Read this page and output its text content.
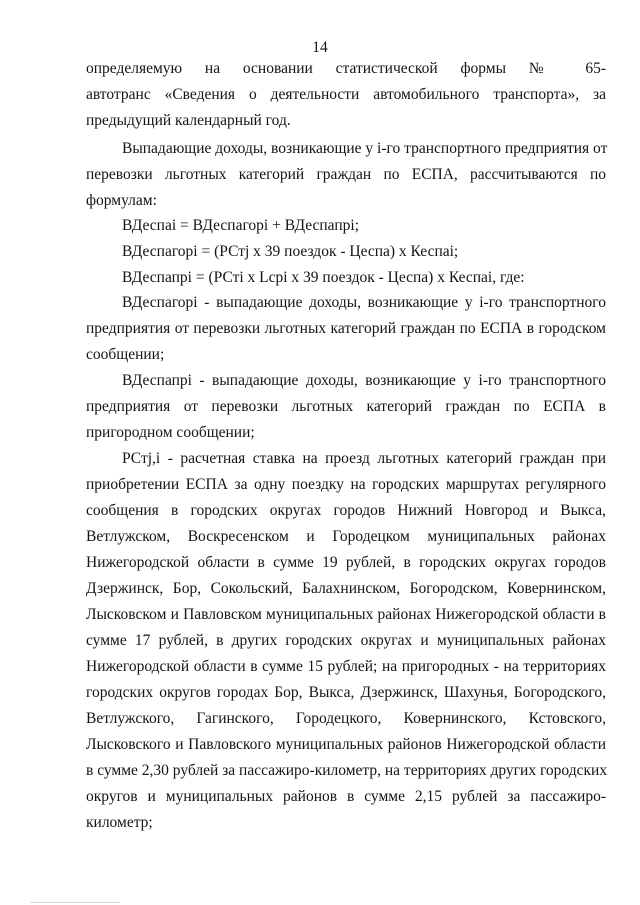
14
определяемую на основании статистической формы № 65-
автотранс «Сведения о деятельности автомобильного транспорта», за
предыдущий календарный год.
Выпадающие доходы, возникающие у i-го транспортного предприятия от
перевозки льготных категорий граждан по ЕСПА, рассчитываются по
формулам:
ВДеспаi = ВДеспагорi + ВДеспапрi;
ВДеспагорi = (РСтj х 39 поездок - Цеспа) х Кеспаi;
ВДеспапрi = (РСтi х Lсрi х 39 поездок - Цеспа) х Кеспаi, где:
ВДеспагорi - выпадающие доходы, возникающие у i-го транспортного
предприятия от перевозки льготных категорий граждан по ЕСПА в городском
сообщении;
ВДеспапрi - выпадающие доходы, возникающие у i-го транспортного
предприятия от перевозки льготных категорий граждан по ЕСПА в
пригородном сообщении;
РСтj,i - расчетная ставка на проезд льготных категорий граждан при
приобретении ЕСПА за одну поездку на городских маршрутах регулярного
сообщения в городских округах городов Нижний Новгород и Выкса,
Ветлужском, Воскресенском и Городецком муниципальных районах
Нижегородской области в сумме 19 рублей, в городских округах городов
Дзержинск, Бор, Сокольский, Балахнинском, Богородском, Ковернинском,
Лысковском и Павловском муниципальных районах Нижегородской области в
сумме 17 рублей, в других городских округах и муниципальных районах
Нижегородской области в сумме 15 рублей; на пригородных - на территориях
городских округов городах Бор, Выкса, Дзержинск, Шахунья, Богородского,
Ветлужского, Гагинского, Городецкого, Ковернинского, Кстовского,
Лысковского и Павловского муниципальных районов Нижегородской области
в сумме 2,30 рублей за пассажиро-километр, на территориях других городских
округов и муниципальных районов в сумме 2,15 рублей за пассажиро-
километр;
